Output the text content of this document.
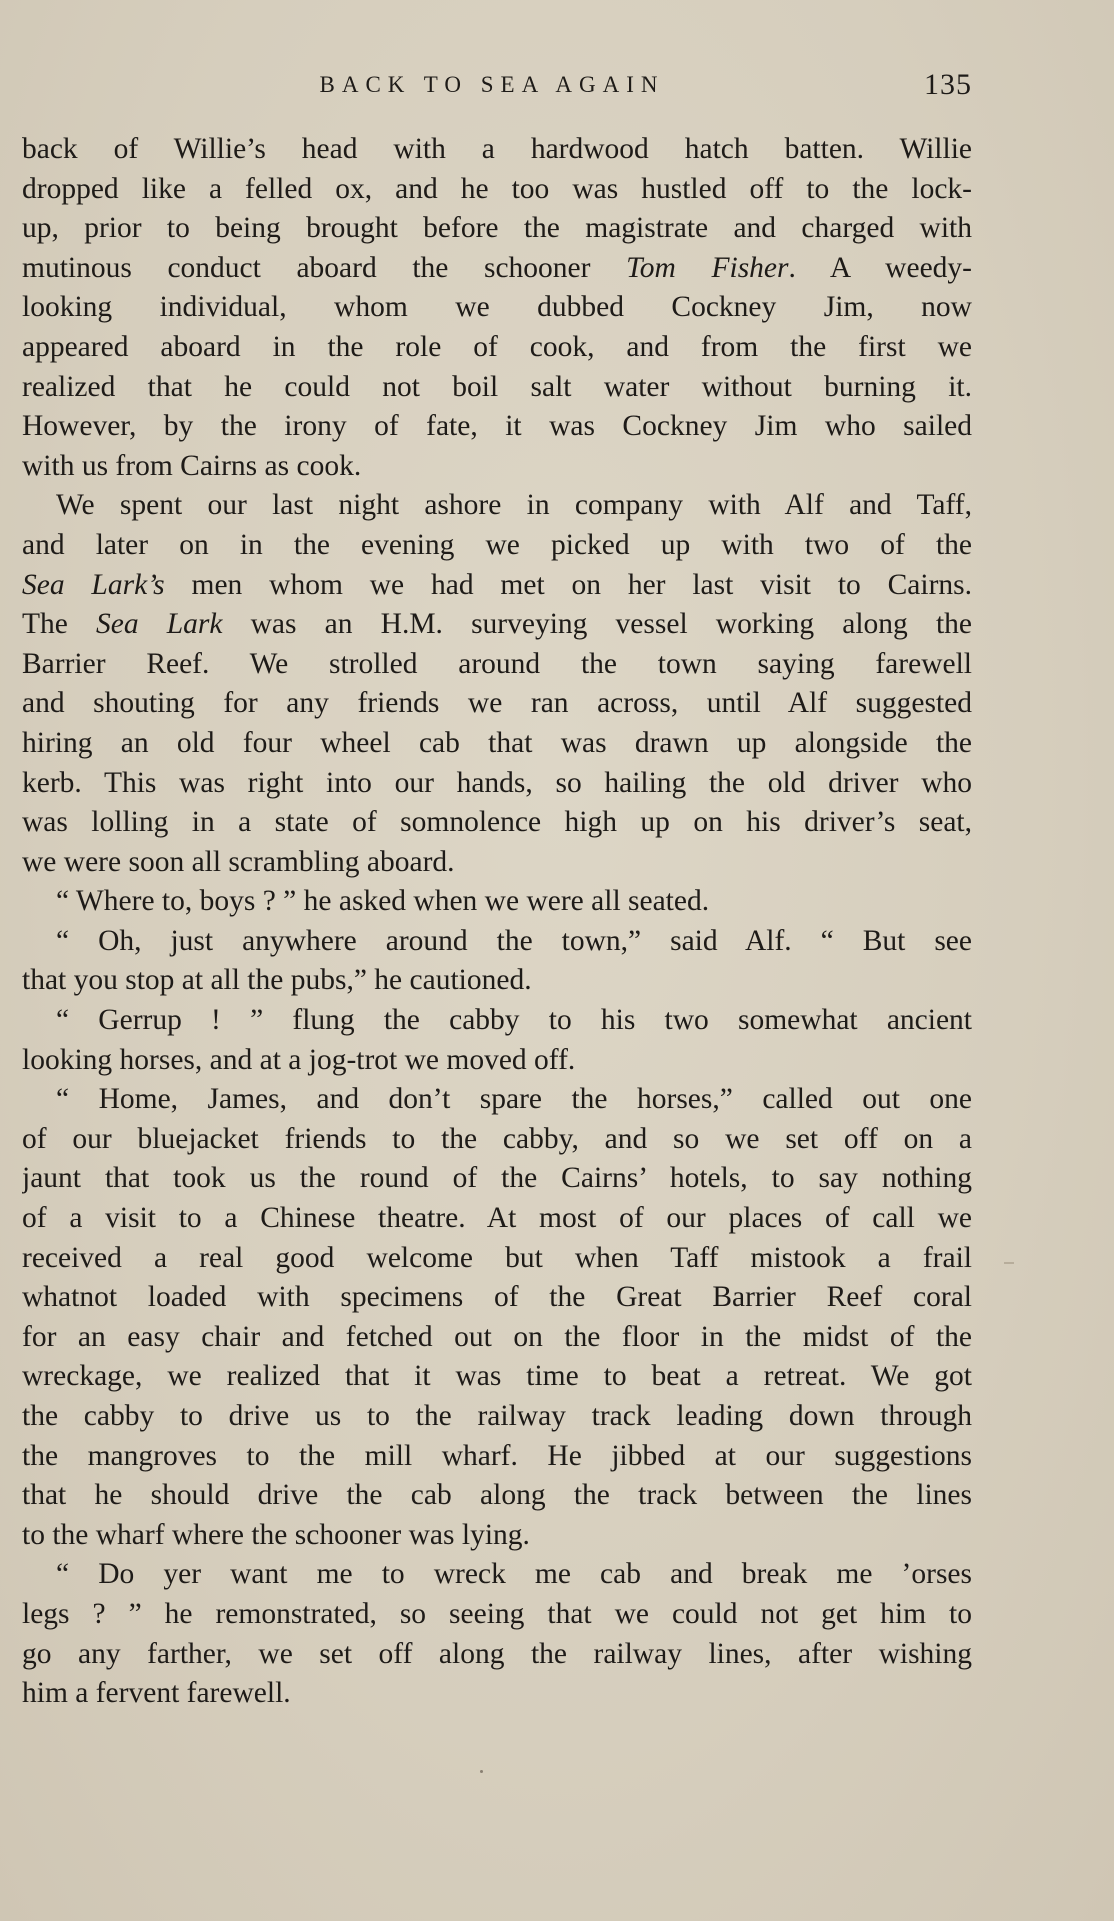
BACK TO SEA AGAIN	135
back of Willie’s head with a hardwood hatch batten. Willie
dropped like a felled ox, and he too was hustled off to the lock-
up, prior to being brought before the magistrate and charged with
mutinous conduct aboard the schooner Tom Fisher. A weedy-
looking individual, whom we dubbed Cockney Jim, now
appeared aboard in the role of cook, and from the first we
realized that he could not boil salt water without burning it.
However, by the irony of fate, it was Cockney Jim who sailed
with us from Cairns as cook.
We spent our last night ashore in company with Alf and Taff,
and later on in the evening we picked up with two of the
Sea Lark’s men whom we had met on her last visit to Cairns.
The Sea Lark was an H.M. surveying vessel working along the
Barrier Reef. We strolled around the town saying farewell
and shouting for any friends we ran across, until Alf suggested
hiring an old four wheel cab that was drawn up alongside the
kerb. This was right into our hands, so hailing the old driver who
was lolling in a state of somnolence high up on his driver’s seat,
we were soon all scrambling aboard.
“ Where to, boys ? ” he asked when we were all seated.
“ Oh, just anywhere around the town,” said Alf. “ But see
that you stop at all the pubs,” he cautioned.
“ Gerrup ! ” flung the cabby to his two somewhat ancient
looking horses, and at a jog-trot we moved off.
“ Home, James, and don’t spare the horses,” called out one
of our bluejacket friends to the cabby, and so we set off on a
jaunt that took us the round of the Cairns’ hotels, to say nothing
of a visit to a Chinese theatre. At most of our places of call we
received a real good welcome but when Taff mistook a frail
whatnot loaded with specimens of the Great Barrier Reef coral
for an easy chair and fetched out on the floor in the midst of the
wreckage, we realized that it was time to beat a retreat. We got
the cabby to drive us to the railway track leading down through
the mangroves to the mill wharf. He jibbed at our suggestions
that he should drive the cab along the track between the lines
to the wharf where the schooner was lying.
“ Do yer want me to wreck me cab and break me ’orses
legs ? ” he remonstrated, so seeing that we could not get him to
go any farther, we set off along the railway lines, after wishing
him a fervent farewell.
